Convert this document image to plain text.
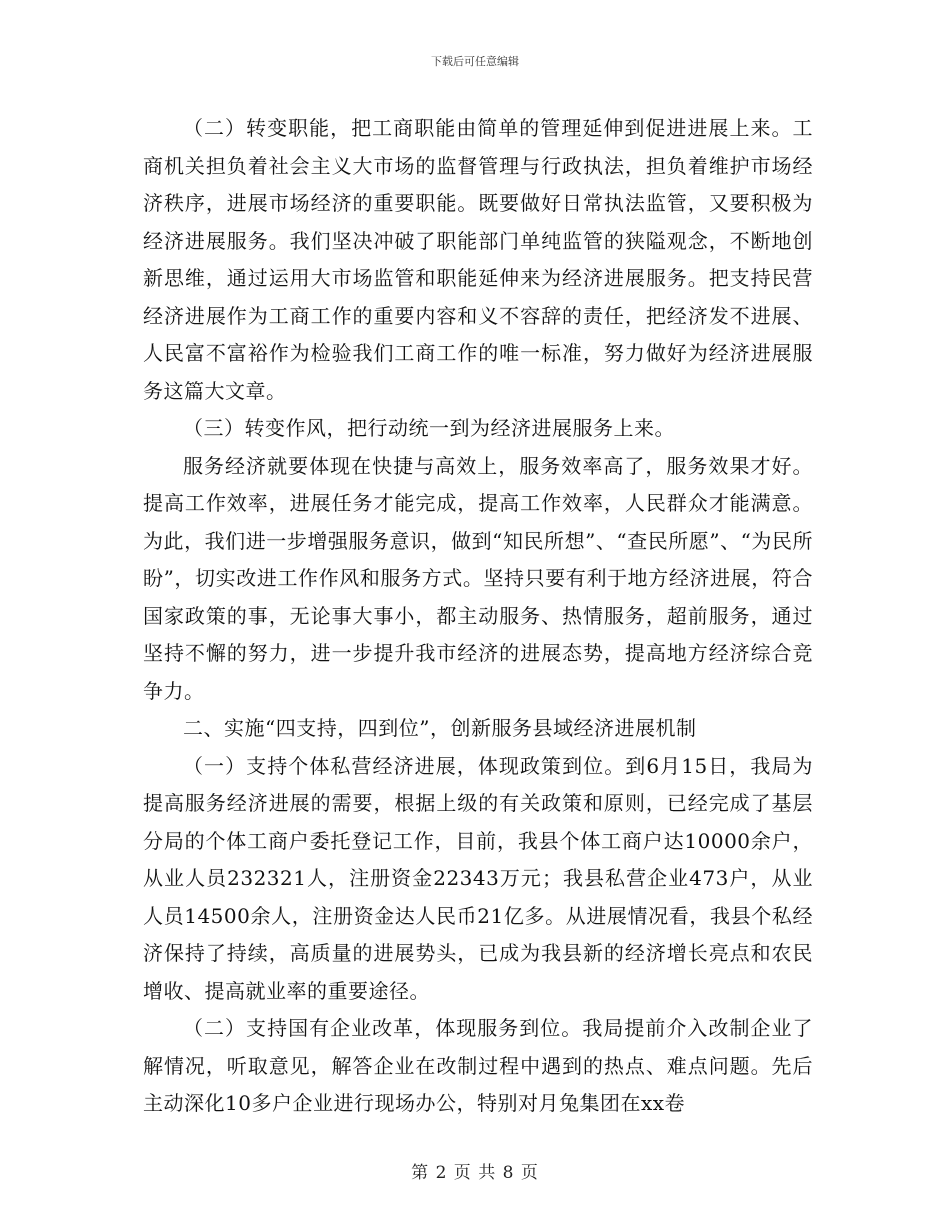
下载后可任意编辑

（二）转变职能，把工商职能由简单的管理延伸到促进进展上来。工商机关担负着社会主义大市场的监督管理与行政执法，担负着维护市场经济秩序，进展市场经济的重要职能。既要做好日常执法监管，又要积极为经济进展服务。我们坚决冲破了职能部门单纯监管的狭隘观念，不断地创新思维，通过运用大市场监管和职能延伸来为经济进展服务。把支持民营经济进展作为工商工作的重要内容和义不容辞的责任，把经济发不进展、人民富不富裕作为检验我们工商工作的唯一标准，努力做好为经济进展服务这篇大文章。

（三）转变作风，把行动统一到为经济进展服务上来。

服务经济就要体现在快捷与高效上，服务效率高了，服务效果才好。提高工作效率，进展任务才能完成，提高工作效率，人民群众才能满意。为此，我们进一步增强服务意识，做到“知民所想”、“查民所愿”、“为民所盼”，切实改进工作作风和服务方式。坚持只要有利于地方经济进展，符合国家政策的事，无论事大事小，都主动服务、热情服务，超前服务，通过坚持不懈的努力，进一步提升我市经济的进展态势，提高地方经济综合竞争力。

二、实施“四支持，四到位”，创新服务县域经济进展机制

（一）支持个体私营经济进展，体现政策到位。到6月15日，我局为提高服务经济进展的需要，根据上级的有关政策和原则，已经完成了基层分局的个体工商户委托登记工作，目前，我县个体工商户达10000余户，从业人员232321人，注册资金22343万元；我县私营企业473户，从业人员14500余人，注册资金达人民币21亿多。从进展情况看，我县个私经济保持了持续，高质量的进展势头，已成为我县新的经济增长亮点和农民增收、提高就业率的重要途径。

（二）支持国有企业改革，体现服务到位。我局提前介入改制企业了解情况，听取意见，解答企业在改制过程中遇到的热点、难点问题。先后主动深化10多户企业进行现场办公，特别对月兔集团在xx卷

第 2 页 共 8 页
